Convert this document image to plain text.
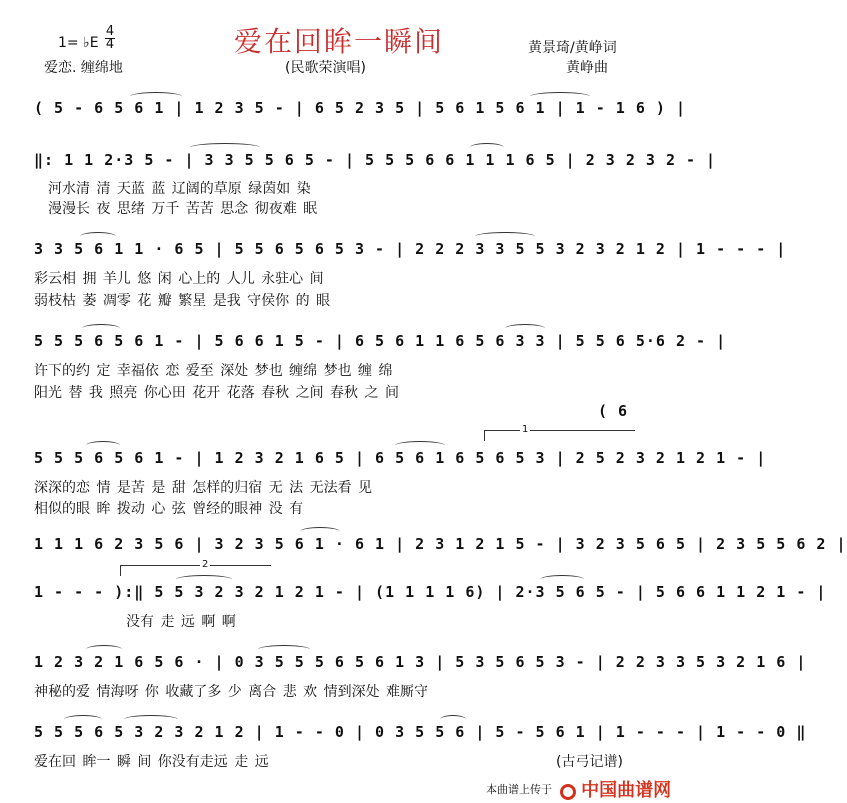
爱在回眸一瞬间
1= ♭E
4
4
爱恋. 缠绵地	(民歌荣演唱)
黄景琦/黄峥词
黄峥曲
( 5 - 6 5 6 1 | 1 2 3 5 - | 6 5 2 3 5 | 5 6 1 5 6 1 | 1 - 1 6 ) |
‖: 1 1 2·3 5 - | 3 3 5 5 6 5 - | 5 5 5 6 6 1 1 1 6 5 | 2 3 2 3 2 - |
河水清 清 天蓝 蓝 辽阔的草原 绿茵如 染
漫漫长 夜 思绪 万千 苦苦 思念 彻夜难 眠
3 3 5 6 1 1 · 6 5 | 5 5 6 5 6 5 3 - | 2 2 2 3 3 5 5 3 2 3 2 1 2 | 1 - - - |
彩云相 拥 羊儿 悠 闲 心上的 人儿 永驻心 间
弱枝枯 萎 凋零 花 瓣 繁星 是我 守侯你 的 眼
5 5 5 6 5 6 1 - | 5 6 6 1 5 - | 6 5 6 1 1 6 5 6 3 3 | 5 5 6 5·6 2 - |
许下的约 定 幸福依 恋 爱至 深处 梦也 缠绵 梦也 缠 绵
阳光 替 我 照亮 你心田 花开 花落 春秋 之间 春秋 之 间
( 6
1
5 5 5 6 5 6 1 - | 1 2 3 2 1 6 5 | 6 5 6 1 6 5 6 5 3 | 2 5 2 3 2 1 2 1 - |
深深的恋 情 是苦 是 甜 怎样的归宿 无 法 无法看 见
相似的眼 眸 拨动 心 弦 曾经的眼神 没 有
1 1 1 6 2 3 5 6 | 3 2 3 5 6 1 · 6 1 | 2 3 1 2 1 5 - | 3 2 3 5 6 5 | 2 3 5 5 6 2 |
2
1 - - - ):‖ 5 5 3 2 3 2 1 2 1 - | (1 1 1 1 6) | 2·3 5 6 5 - | 5 6 6 1 1 2 1 - |
没有 走 远 啊 啊
1 2 3 2 1 6 5 6 · | 0 3 5 5 5 6 5 6 1 3 | 5 3 5 6 5 3 - | 2 2 3 3 5 3 2 1 6 |
神秘的爱 情海呀 你 收藏了多 少 离合 悲 欢 情到深处 难厮守
5 5 5 6 5 3 2 3 2 1 2 | 1 - - 0 | 0 3 5 5 6 | 5 - 5 6 1 | 1 - - - | 1 - - 0 ‖
爱在回 眸一 瞬 间 你没有走远 走 远	(古弓记谱)
本曲谱上传于	中国曲谱网
